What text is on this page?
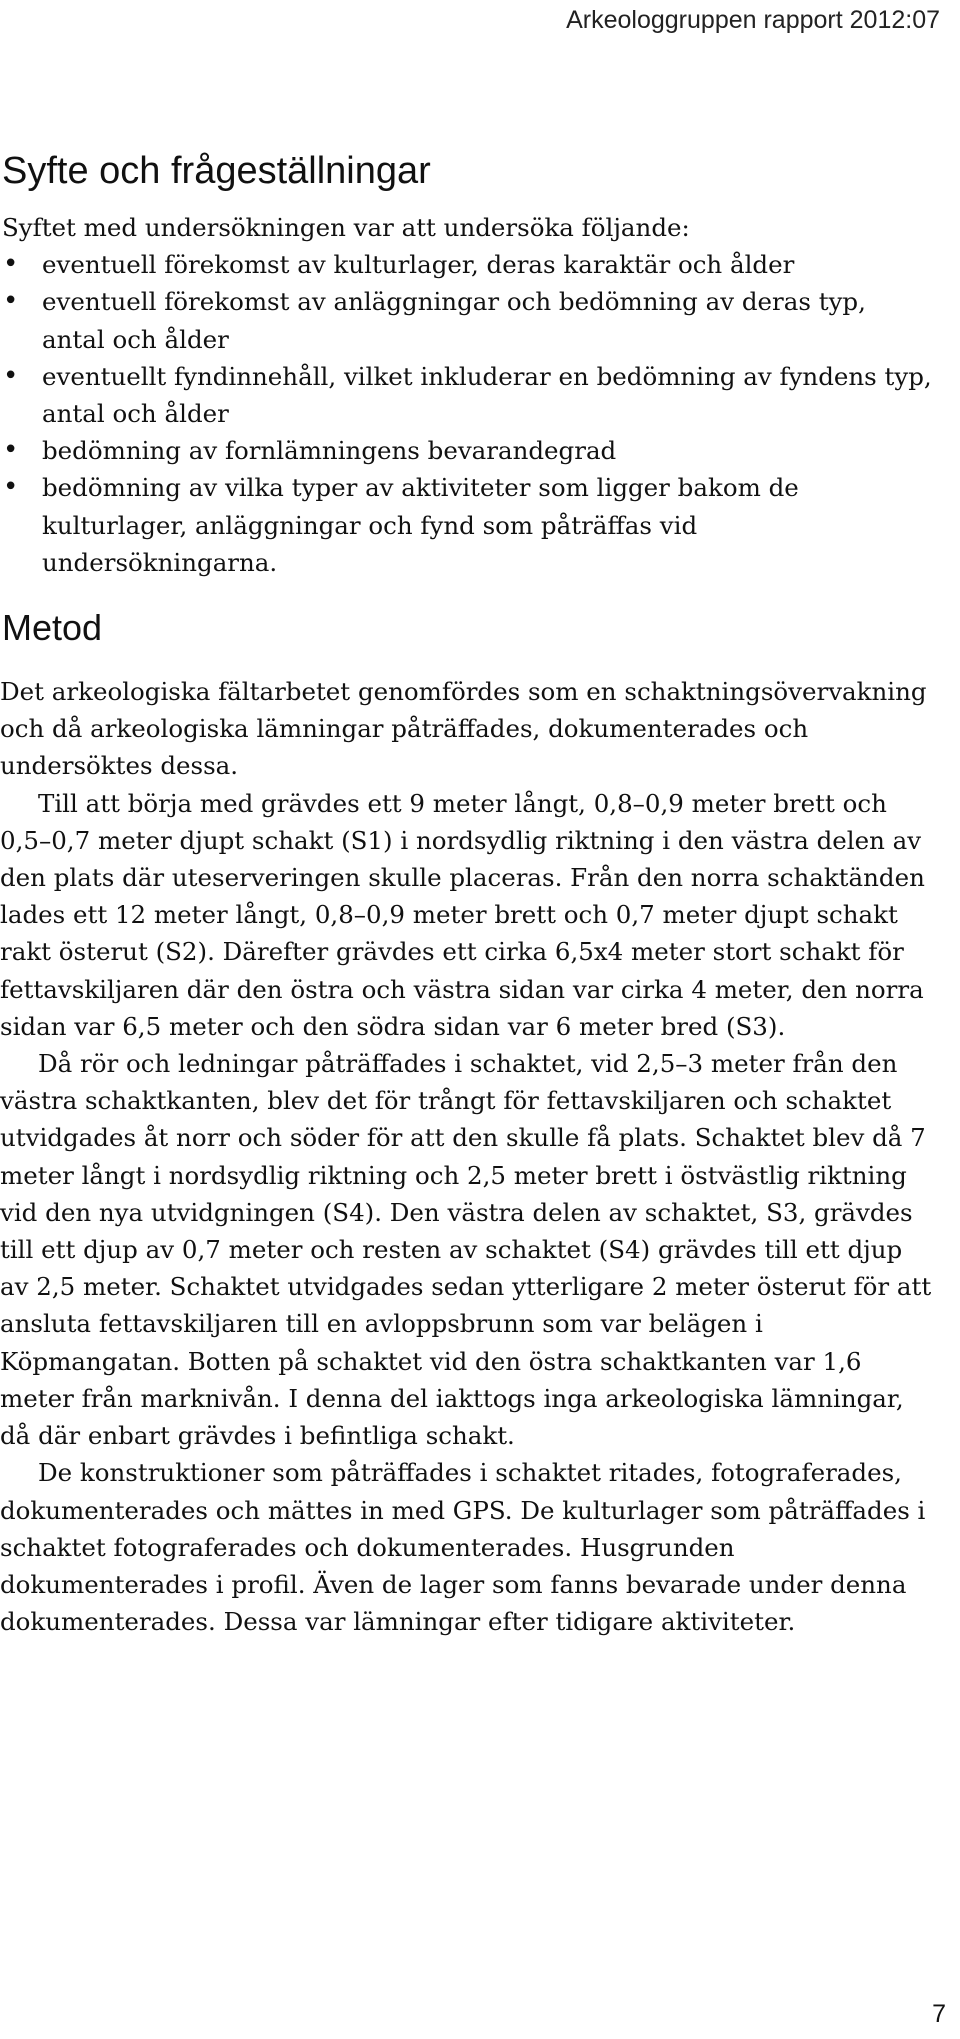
Arkeologgruppen rapport 2012:07
Syfte och frågeställningar

Syftet med undersökningen var att undersöka följande:

• eventuell förekomst av kulturlager, deras karaktär och ålder
• eventuell förekomst av anläggningar och bedömning av deras typ, antal och ålder
• eventuellt fyndinnehåll, vilket inkluderar en bedömning av fyndens typ, antal och ålder
• bedömning av fornlämningens bevarandegrad
• bedömning av vilka typer av aktiviteter som ligger bakom de kulturlager, anläggningar och fynd som påträffas vid undersökningarna.
Metod

Det arkeologiska fältarbetet genomfördes som en schaktningsövervakning och då arkeologiska lämningar påträffades, dokumenterades och undersöktes dessa.

Till att börja med grävdes ett 9 meter långt, 0,8–0,9 meter brett och 0,5–0,7 meter djupt schakt (S1) i nordsydlig riktning i den västra delen av den plats där uteserveringen skulle placeras. Från den norra schaktänden lades ett 12 meter långt, 0,8–0,9 meter brett och 0,7 meter djupt schakt rakt österut (S2). Därefter grävdes ett cirka 6,5x4 meter stort schakt för fettavskiljaren där den östra och västra sidan var cirka 4 meter, den norra sidan var 6,5 meter och den södra sidan var 6 meter bred (S3).

Då rör och ledningar påträffades i schaktet, vid 2,5–3 meter från den västra schaktkanten, blev det för trångt för fettavskiljaren och schaktet utvidgades åt norr och söder för att den skulle få plats. Schaktet blev då 7 meter långt i nordsydlig riktning och 2,5 meter brett i östvästlig riktning vid den nya utvidgningen (S4). Den västra delen av schaktet, S3, grävdes till ett djup av 0,7 meter och resten av schaktet (S4) grävdes till ett djup av 2,5 meter. Schaktet utvidgades sedan ytterligare 2 meter österut för att ansluta fettavskiljaren till en avloppsbrunn som var belägen i Köpmangatan. Botten på schaktet vid den östra schaktkanten var 1,6 meter från marknivån. I denna del iakttogs inga arkeologiska lämningar, då där enbart grävdes i befintliga schakt.

De konstruktioner som påträffades i schaktet ritades, fotograferades, dokumenterades och mättes in med GPS. De kulturlager som påträffades i schaktet fotograferades och dokumenterades. Husgrunden dokumenterades i profil. Även de lager som fanns bevarade under denna dokumenterades. Dessa var lämningar efter tidigare aktiviteter.

7
